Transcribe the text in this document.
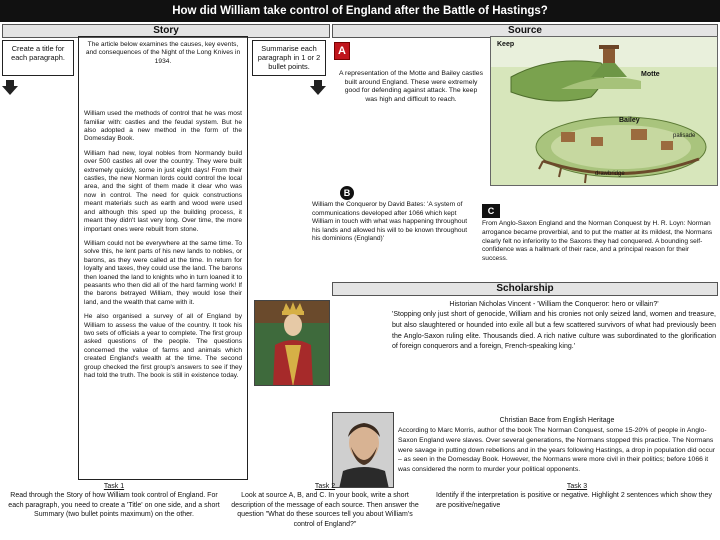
How did William take control of England after the Battle of Hastings?
Story	Source
Create a title for each paragraph.
Summarise each paragraph in 1 or 2 bullet points.

The article below examines the causes, key events, and consequences of the Night of the Long Knives in 1934.

William used the methods of control that he was most familiar with: castles and the feudal system. But he also adopted a new method in the form of the Domesday Book.

William had new, loyal nobles from Normandy build over 500 castles all over the country. They were built extremely quickly, some in just eight days! From their castles, the new Norman lords could control the local area, and the sight of them made it clear who was now in control. The need for quick constructions meant materials such as earth and wood were used and although this sped up the building process, it meant they didn't last very long. Over time, the more important ones were rebuilt from stone.

William could not be everywhere at the same time. To solve this, he lent parts of his new lands to nobles, or barons, as they were called at the time. In return for loyalty and taxes, they could use the land. The barons then loaned the land to knights who in turn loaned it to peasants who then did all of the hard farming work! If the barons betrayed William, they would lose their land, and the wealth that came with it.

He also organised a survey of all of England by William to assess the value of the country. It took his two sets of officials a year to complete. The first group asked questions of the people. The questions concerned the value of farms and animals which created England's wealth at the time. The second group checked the first group's answers to see if they had told the truth. The book is still in existence today.

A
A representation of the Motte and Bailey castles built around England. These were extremely good for defending against attack. The keep was high and difficult to reach.
Keep
Bailey
Motte
palisade
drawbridge
B
William the Conqueror by David Bates: 'A system of communications developed after 1066 which kept William in touch with what was happening throughout his lands and allowed his will to be known throughout his dominions (England)'
C
From Anglo-Saxon England and the Norman Conquest by H. R. Loyn: Norman arrogance became proverbial, and to put the matter at its mildest, the Normans clearly felt no inferiority to the Saxons they had conquered. A bounding self-confidence was a hallmark of their race, and a principal reason for their success.
Scholarship
Historian Nicholas Vincent - 'William the Conqueror: hero or villain?'
'Stopping only just short of genocide, William and his cronies not only seized land, women and treasure, but also slaughtered or hounded into exile all but a few scattered survivors of what had previously been the Anglo-Saxon ruling elite. Thousands died. A rich native culture was subordinated to the glorification of foreign conquerors and a foreign, French-speaking king.'
Christian Bace from English Heritage
According to Marc Morris, author of the book The Norman Conquest, some 15-20% of people in Anglo-Saxon England were slaves. Over several generations, the Normans stopped this practice. The Normans were savage in putting down rebellions and in the years following Hastings, a drop in population did occur – as seen in the Domesday Book. However, the Normans were more civil in their politics; before 1066 it was considered the norm to murder your political opponents.
Task 1
Read through the Story of how William took control of England. For each paragraph, you need to create a 'Title' on one side, and a short Summary (two bullet points maximum) on the other.
Task 2
Look at source A, B, and C. In your book, write a short description of the message of each source. Then answer the question "What do these sources tell you about William's control of England?"
Task 3
Identify if the interpretation is positive or negative. Highlight 2 sentences which show they are positive/negative
